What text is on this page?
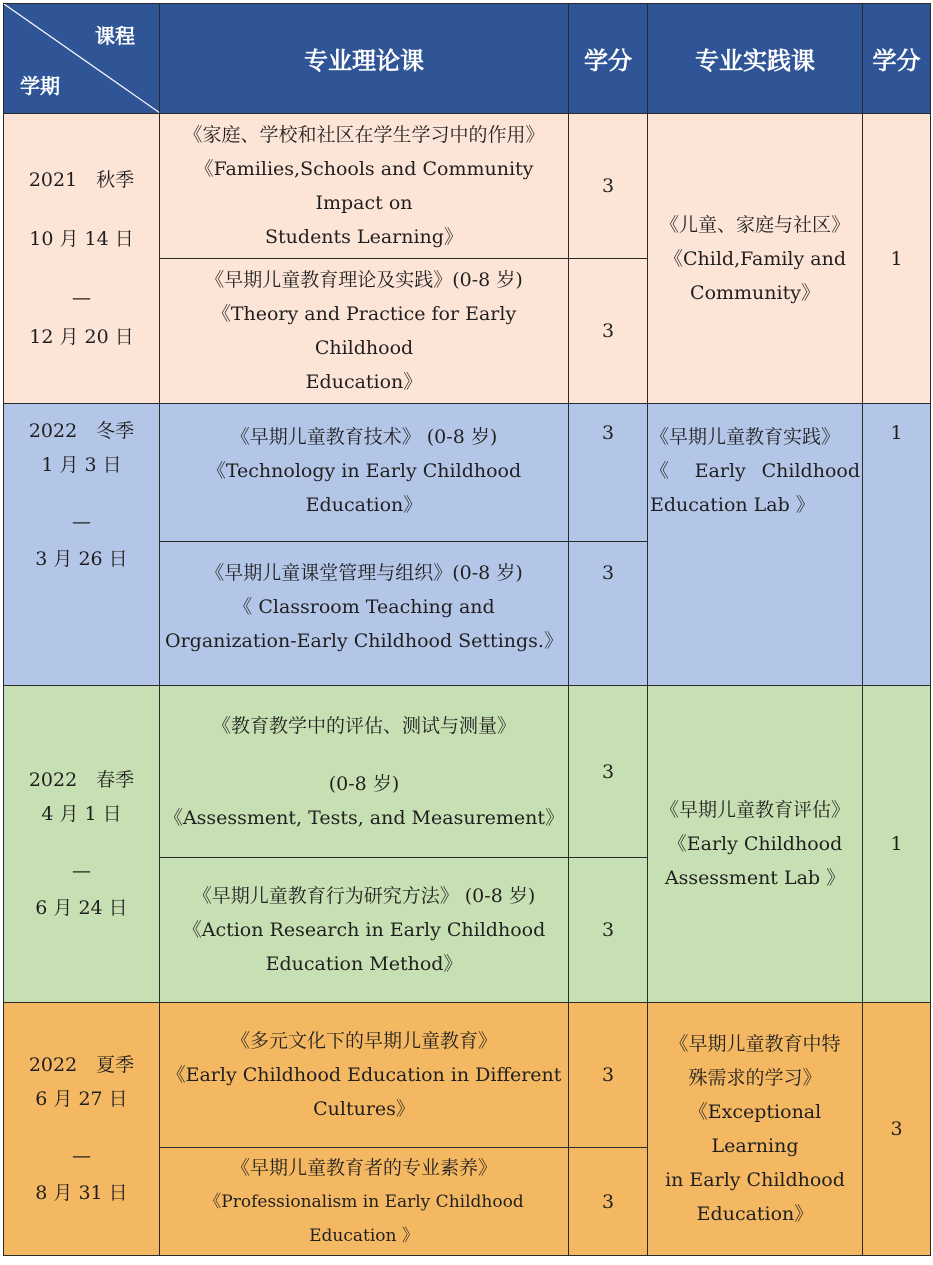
课程
学期	专业理论课	学分	专业实践课	学分

2021　秋季
10 月 14 日
—
12 月 20 日	《家庭、学校和社区在学生学习中的作用》
《Families,Schools and Community Impact on
Students Learning》	3	《儿童、家庭与社区》
《Child,Family and
Community》	1

	《早期儿童教育理论及实践》(0-8 岁)
《Theory and Practice for Early Childhood
Education》	3		

2022　冬季
1 月 3 日
—
3 月 26 日	《早期儿童教育技术》 (0-8 岁)
《Technology in Early Childhood Education》	3	《早期儿童教育实践》
《 Early Childhood
Education Lab 》	1

	《早期儿童课堂管理与组织》(0-8 岁)
《 Classroom Teaching and
Organization-Early Childhood Settings.》	3		

2022　春季
4 月 1 日
—
6 月 24 日	《教育教学中的评估、测试与测量》
(0-8 岁)
《Assessment, Tests, and Measurement》	3	《早期儿童教育评估》
《Early Childhood
Assessment Lab 》	1

	《早期儿童教育行为研究方法》 (0-8 岁)
《Action Research in Early Childhood
Education Method》	3		

2022　夏季
6 月 27 日
—
8 月 31 日	《多元文化下的早期儿童教育》
《Early Childhood Education in Different
Cultures》	3	《早期儿童教育中特
殊需求的学习》
《Exceptional Learning
in Early Childhood
Education》	3

	《早期儿童教育者的专业素养》
《Professionalism in Early Childhood Education 》	3		
